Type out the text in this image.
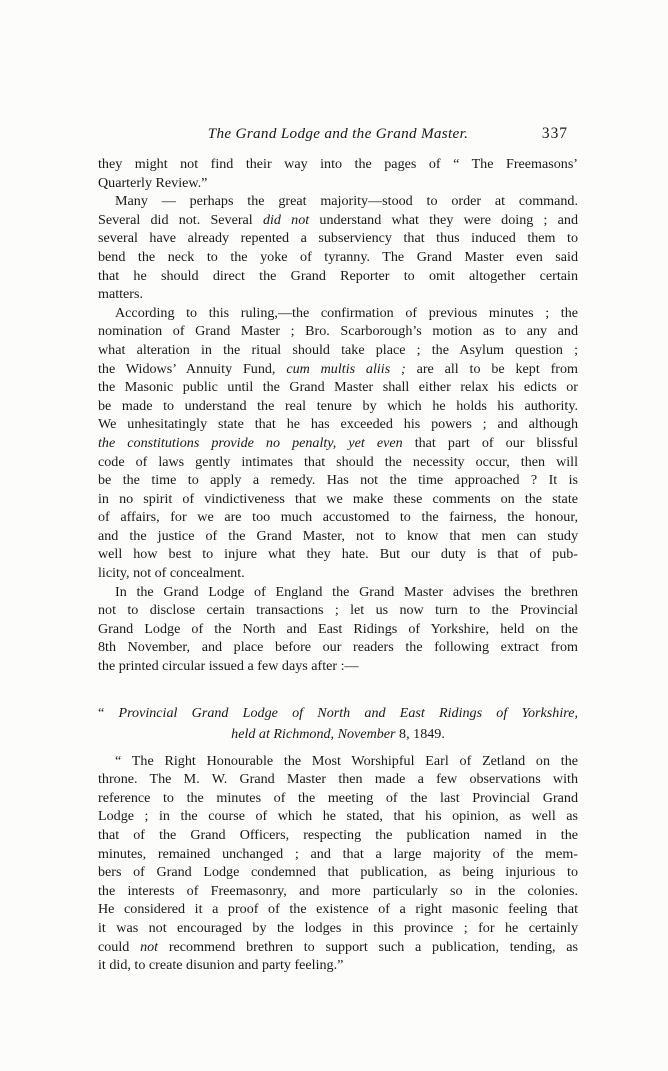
The Grand Lodge and the Grand Master.	337
they might not find their way into the pages of “ The Freemasons’
Quarterly Review.”
Many — perhaps the great majority—stood to order at command.
Several did not. Several did not understand what they were doing ; and
several have already repented a subserviency that thus induced them to
bend the neck to the yoke of tyranny. The Grand Master even said
that he should direct the Grand Reporter to omit altogether certain
matters.
According to this ruling,—the confirmation of previous minutes ; the
nomination of Grand Master ; Bro. Scarborough’s motion as to any and
what alteration in the ritual should take place ; the Asylum question ;
the Widows’ Annuity Fund, cum multis aliis ; are all to be kept from
the Masonic public until the Grand Master shall either relax his edicts or
be made to understand the real tenure by which he holds his authority.
We unhesitatingly state that he has exceeded his powers ; and although
the constitutions provide no penalty, yet even that part of our blissful
code of laws gently intimates that should the necessity occur, then will
be the time to apply a remedy. Has not the time approached ? It is
in no spirit of vindictiveness that we make these comments on the state
of affairs, for we are too much accustomed to the fairness, the honour,
and the justice of the Grand Master, not to know that men can study
well how best to injure what they hate. But our duty is that of pub-
licity, not of concealment.
In the Grand Lodge of England the Grand Master advises the brethren
not to disclose certain transactions ; let us now turn to the Provincial
Grand Lodge of the North and East Ridings of Yorkshire, held on the
8th November, and place before our readers the following extract from
the printed circular issued a few days after :—
“ Provincial Grand Lodge of North and East Ridings of Yorkshire,
held at Richmond, November 8, 1849.
“ The Right Honourable the Most Worshipful Earl of Zetland on the
throne. The M. W. Grand Master then made a few observations with
reference to the minutes of the meeting of the last Provincial Grand
Lodge ; in the course of which he stated, that his opinion, as well as
that of the Grand Officers, respecting the publication named in the
minutes, remained unchanged ; and that a large majority of the mem-
bers of Grand Lodge condemned that publication, as being injurious to
the interests of Freemasonry, and more particularly so in the colonies.
He considered it a proof of the existence of a right masonic feeling that
it was not encouraged by the lodges in this province ; for he certainly
could not recommend brethren to support such a publication, tending, as
it did, to create disunion and party feeling.”
